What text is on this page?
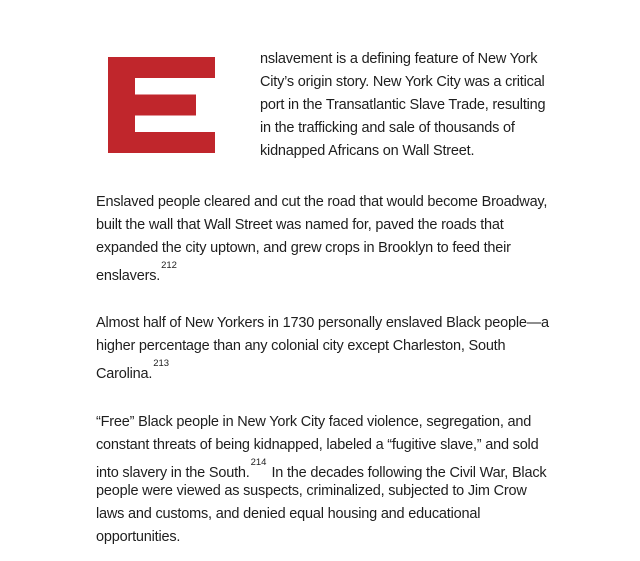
nslavement is a defining feature of New York
City’s origin story. New York City was a critical
port in the Transatlantic Slave Trade, resulting
in the trafficking and sale of thousands of
kidnapped Africans on Wall Street.

Enslaved people cleared and cut the road that would become Broadway,
built the wall that Wall Street was named for, paved the roads that
expanded the city uptown, and grew crops in Brooklyn to feed their
enslavers.$^{212}$

Almost half of New Yorkers in 1730 personally enslaved Black people—a
higher percentage than any colonial city except Charleston, South
Carolina.$^{213}$

“Free” Black people in New York City faced violence, segregation, and
constant threats of being kidnapped, labeled a “fugitive slave,” and sold
into slavery in the South.$^{214}$In the decades following the Civil War, Black
people were viewed as suspects, criminalized, subjected to Jim Crow
laws and customs, and denied equal housing and educational
opportunities.
